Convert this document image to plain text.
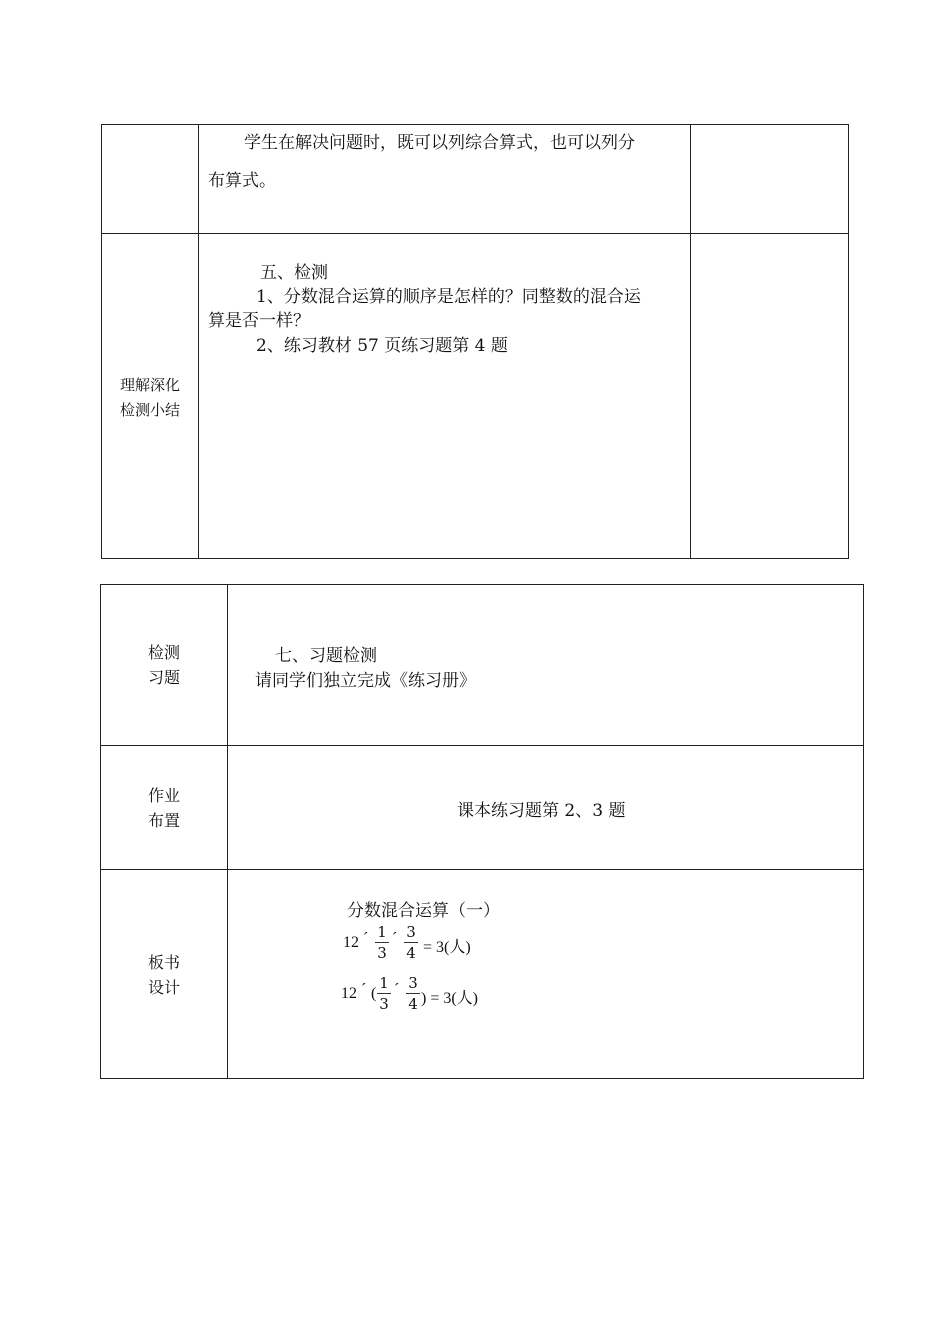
学生在解决问题时，既可以列综合算式，也可以列分
布算式。
理解深化
检测小结
五、检测
1、分数混合运算的顺序是怎样的？同整数的混合运
算是否一样？
2、练习教材 57 页练习题第 4 题
检测
习题
七、习题检测
请同学们独立完成《练习册》
作业
布置	课本练习题第 2、3 题
板书
设计
分数混合运算（一）
12 ´ 1
3
´ 3
4 = 3(人)
12 ´ (
1
3
´ 3
4 ) = 3(人)
